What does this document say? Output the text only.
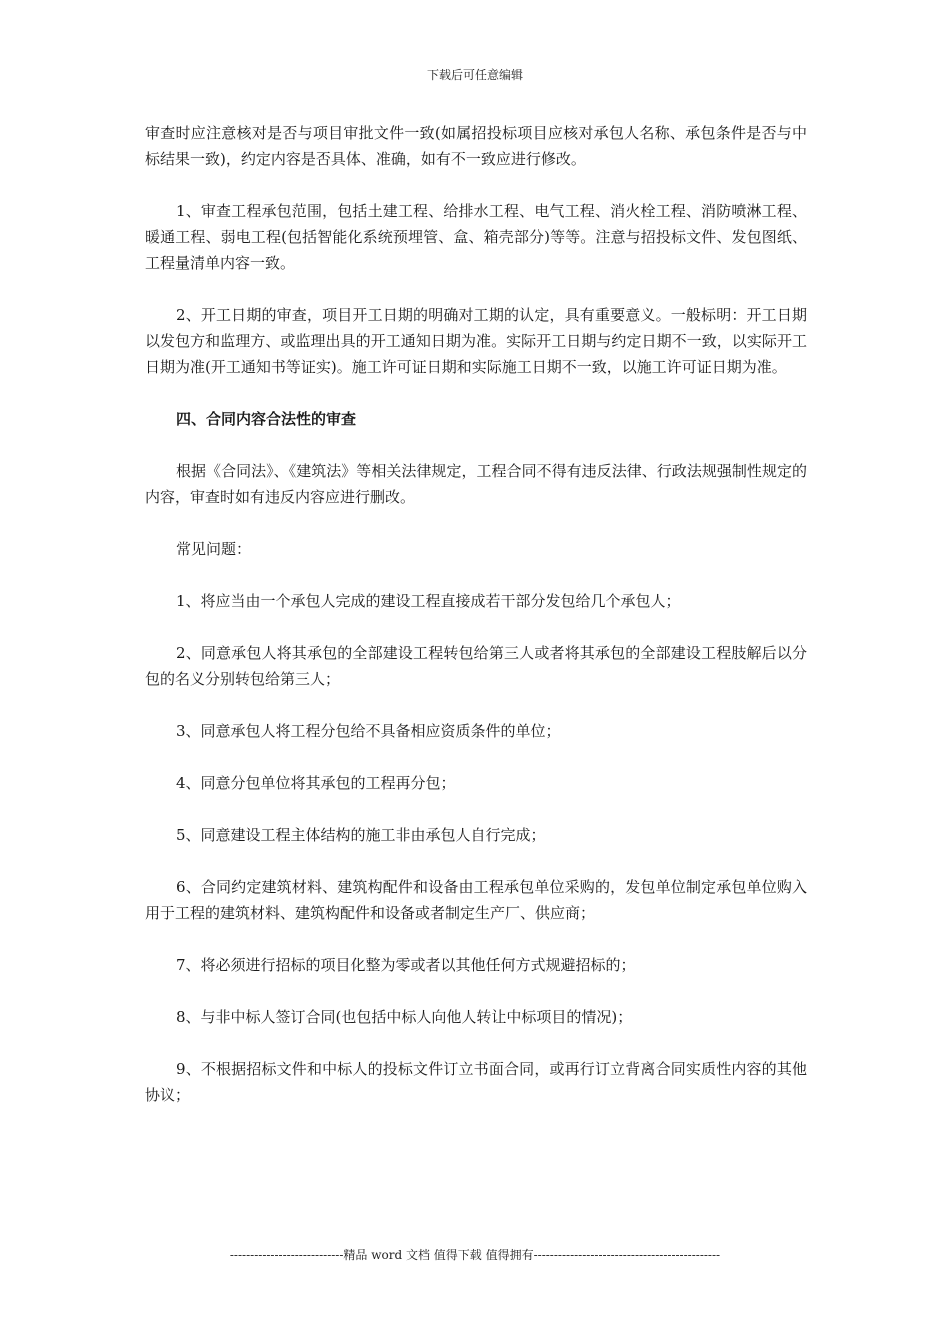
下载后可任意编辑

审查时应注意核对是否与项目审批文件一致(如属招投标项目应核对承包人名称、承包条件是否与中标结果一致)，约定内容是否具体、准确，如有不一致应进行修改。

1、审查工程承包范围，包括土建工程、给排水工程、电气工程、消火栓工程、消防喷淋工程、暖通工程、弱电工程(包括智能化系统预埋管、盒、箱壳部分)等等。注意与招投标文件、发包图纸、工程量清单内容一致。

2、开工日期的审查，项目开工日期的明确对工期的认定，具有重要意义。一般标明：开工日期以发包方和监理方、或监理出具的开工通知日期为准。实际开工日期与约定日期不一致，以实际开工日期为准(开工通知书等证实)。施工许可证日期和实际施工日期不一致，以施工许可证日期为准。

四、合同内容合法性的审查

根据《合同法》、《建筑法》等相关法律规定，工程合同不得有违反法律、行政法规强制性规定的内容，审查时如有违反内容应进行删改。

常见问题：

1、将应当由一个承包人完成的建设工程直接成若干部分发包给几个承包人；

2、同意承包人将其承包的全部建设工程转包给第三人或者将其承包的全部建设工程肢解后以分包的名义分别转包给第三人；

3、同意承包人将工程分包给不具备相应资质条件的单位；

4、同意分包单位将其承包的工程再分包；

5、同意建设工程主体结构的施工非由承包人自行完成；

6、合同约定建筑材料、建筑构配件和设备由工程承包单位采购的，发包单位制定承包单位购入用于工程的建筑材料、建筑构配件和设备或者制定生产厂、供应商；

7、将必须进行招标的项目化整为零或者以其他任何方式规避招标的；

8、与非中标人签订合同(也包括中标人向他人转让中标项目的情况)；

9、不根据招标文件和中标人的投标文件订立书面合同，或再行订立背离合同实质性内容的其他协议；

----------------------------精品 word 文档 值得下载 值得拥有----------------------------------------------
